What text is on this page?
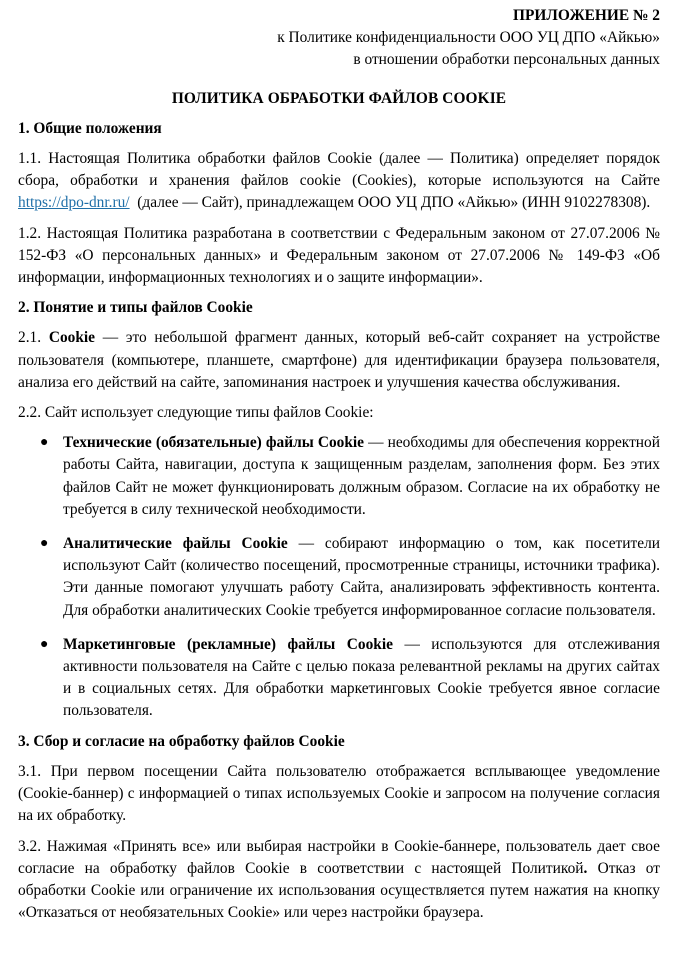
ПРИЛОЖЕНИЕ № 2
к Политике конфиденциальности ООО УЦ ДПО «Айкью»
в отношении обработки персональных данных
ПОЛИТИКА ОБРАБОТКИ ФАЙЛОВ COOKIE
1. Общие положения

1.1. Настоящая Политика обработки файлов Cookie (далее — Политика) определяет порядок сбора, обработки и хранения файлов cookie (Cookies), которые используются на Сайте https://dpo-dnr.ru/  (далее — Сайт), принадлежащем ООО УЦ ДПО «Айкью» (ИНН 9102278308).

1.2. Настоящая Политика разработана в соответствии с Федеральным законом от 27.07.2006 № 152-ФЗ «О персональных данных» и Федеральным законом от 27.07.2006 № 149-ФЗ «Об информации, информационных технологиях и о защите информации».

2. Понятие и типы файлов Cookie

2.1. Cookie — это небольшой фрагмент данных, который веб-сайт сохраняет на устройстве пользователя (компьютере, планшете, смартфоне) для идентификации браузера пользователя, анализа его действий на сайте, запоминания настроек и улучшения качества обслуживания.

2.2. Сайт использует следующие типы файлов Cookie:

● Технические (обязательные) файлы Cookie — необходимы для обеспечения корректной работы Сайта, навигации, доступа к защищенным разделам, заполнения форм. Без этих файлов Сайт не может функционировать должным образом. Согласие на их обработку не требуется в силу технической необходимости.
● Аналитические файлы Cookie — собирают информацию о том, как посетители используют Сайт (количество посещений, просмотренные страницы, источники трафика). Эти данные помогают улучшать работу Сайта, анализировать эффективность контента. Для обработки аналитических Cookie требуется информированное согласие пользователя.
● Маркетинговые (рекламные) файлы Cookie — используются для отслеживания активности пользователя на Сайте с целью показа релевантной рекламы на других сайтах и в социальных сетях. Для обработки маркетинговых Cookie требуется явное согласие пользователя.
3. Сбор и согласие на обработку файлов Cookie

3.1. При первом посещении Сайта пользователю отображается всплывающее уведомление (Cookie-баннер) с информацией о типах используемых Cookie и запросом на получение согласия на их обработку.

3.2. Нажимая «Принять все» или выбирая настройки в Cookie-баннере, пользователь дает свое согласие на обработку файлов Cookie в соответствии с настоящей Политикой. Отказ от обработки Cookie или ограничение их использования осуществляется путем нажатия на кнопку «Отказаться от необязательных Cookie» или через настройки браузера.
